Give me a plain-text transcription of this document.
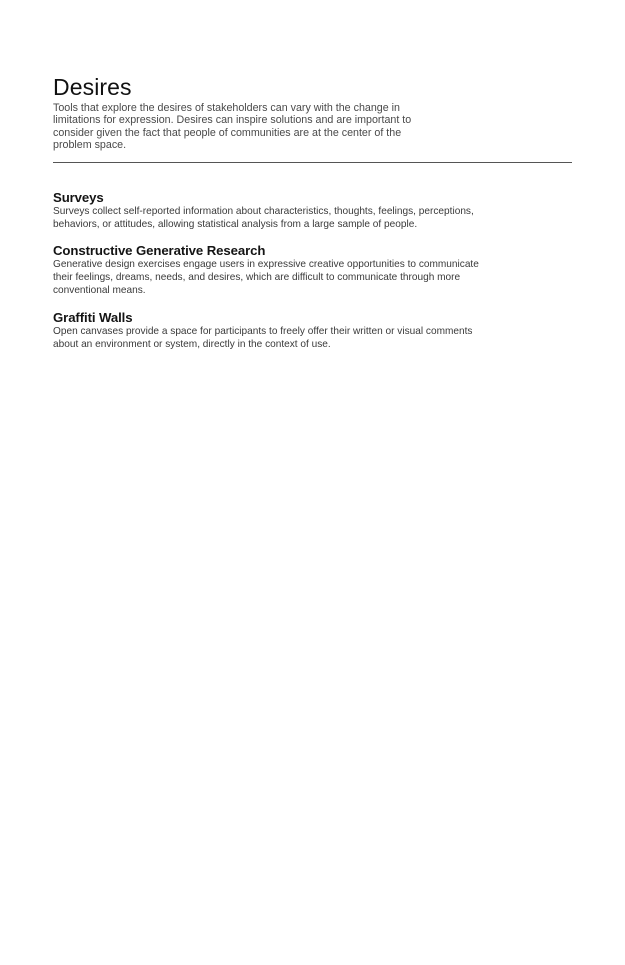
Desires

Tools that explore the desires of stakeholders can vary with the change in limitations for expression. Desires can inspire solutions and are important to consider given the fact that people of communities are at the center of the problem space.

Surveys

Surveys collect self-reported information about characteristics, thoughts, feelings, perceptions, behaviors, or attitudes, allowing statistical analysis from a large sample of people.

Constructive Generative Research

Generative design exercises engage users in expressive creative opportunities to communicate their feelings, dreams, needs, and desires, which are difficult to communicate through more conventional means.

Graffiti Walls

Open canvases provide a space for participants to freely offer their written or visual comments about an environment or system, directly in the context of use.
